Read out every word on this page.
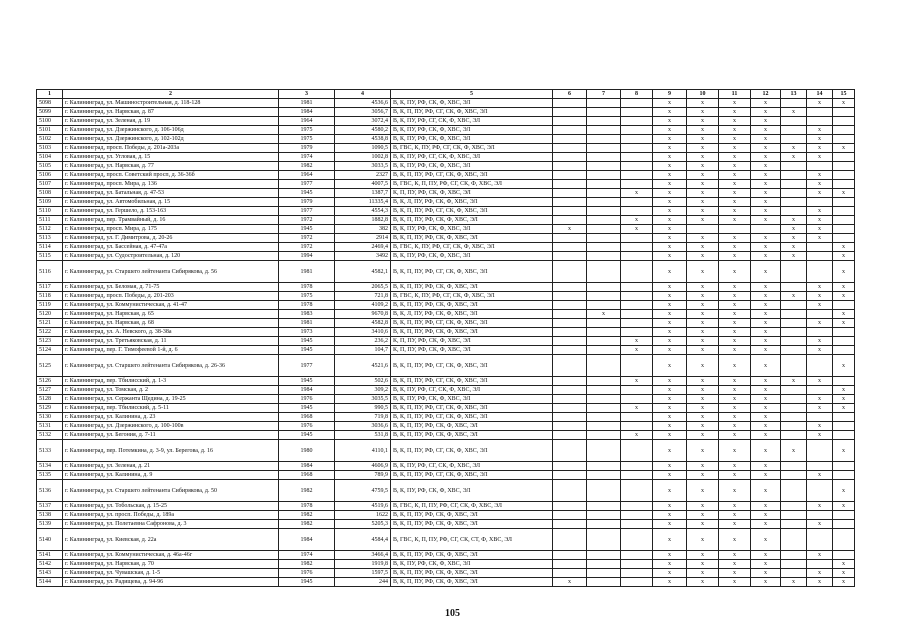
1	2	3	4	5	6	7	8	9	10	11	12	13	14	15
5098	г. Калининград, ул. Машиностроительная, д. 118-128	1981	4536,6	В, К, ПУ, РФ, СК, Ф, ХВС, ЭЛ				x	x	x	x		x	x
5099	г. Калининград, ул. Нарвская, д. 87	1984	3056,7	В, К, П, ПУ, РФ, СГ, СК, Ф, ХВС, ЭЛ				x	x	x	x	x		
5100	г. Калининград, ул. Зеленая, д. 19	1964	3072,4	В, К, ПУ, РФ, СГ, СК, Ф, ХВС, ЭЛ				x	x	x	x			
5101	г. Калининград, ул. Дзержинского, д. 106-106д	1975	4580,2	В, К, ПУ, РФ, СК, Ф, ХВС, ЭЛ				x	x	x	x		x	
5102	г. Калининград, ул. Дзержинского, д. 102-102д	1975	4538,8	В, К, ПУ, РФ, СК, Ф, ХВС, ЭЛ				x	x	x	x		x	
5103	г. Калининград, просп. Победы, д. 201а-203а	1979	1090,5	В, ГВС, К, ПУ, РФ, СГ, СК, Ф, ХВС, ЭЛ				x	x	x	x	x	x	x
5104	г. Калининград, ул. Угловая, д. 15	1974	1002,8	В, К, ПУ, РФ, СГ, СК, Ф, ХВС, ЭЛ				x	x	x	x	x	x	
5105	г. Калининград, ул. Нарвская, д. 77	1982	3033,5	В, К, ПУ, РФ, СК, Ф, ХВС, ЭЛ				x	x	x	x			
5106	г. Калининград, просп. Советский просп, д. 36-36б	1964	2327	В, К, П, ПУ, РФ, СГ, СК, Ф, ХВС, ЭЛ				x	x	x	x		x	
5107	г. Калининград, просп. Мира, д. 136	1977	4007,5	В, ГВС, К, П, ПУ, РФ, СГ, СК, Ф, ХВС, ЭЛ				x	x	x	x		x	
5108	г. Калининград, ул. Батальная, д. 47-53	1945	1387,7	К, П, ПУ, РФ, СК, Ф, ХВС, ЭЛ			x	x	x	x	x		x	x
5109	г. Калининград, ул. Автомобильная, д. 15	1979	11335,4	В, К, Л, ПУ, РФ, СК, Ф, ХВС, ЭЛ				x	x	x	x			
5110	г. Калининград, ул. Гершело, д. 153-163	1977	4554,3	В, К, П, ПУ, РФ, СГ, СК, Ф, ХВС, ЭЛ				x	x	x	x		x	
5111	г. Калининград, пер. Трамвайный, д. 16	1972	1882,8	В, К, П, ПУ, РФ, СК, Ф, ХВС, ЭЛ			x	x	x	x	x	x	x	
5112	г. Калининград, просп. Мира, д. 175	1945	382	В, К, ПУ, РФ, СК, Ф, ХВС, ЭЛ	x		x	x				x	x	
5113	г. Калининград, ул. Г. Димитрова, д. 20-26	1972	2914	В, К, П, ПУ, РФ, СК, Ф, ХВС, ЭЛ				x	x	x	x	x	x	
5114	г. Калининград, ул. Бассейная, д. 47-47а	1972	2469,4	В, ГВС, К, ПУ, РФ, СГ, СК, Ф, ХВС, ЭЛ				x	x	x	x	x		x
5115	г. Калининград, ул. Судостроительная, д. 120	1994	3492	В, К, ПУ, РФ, СК, Ф, ХВС, ЭЛ				x	x	x	x	x		x
5116	г. Калининград, ул. Старшего лейтенанта Сибирякова, д. 56	1981	4582,1	В, К, П, ПУ, РФ, СГ, СК, Ф, ХВС, ЭЛ				x	x	x	x			x
5117	г. Калининград, ул. Беломая, д. 71-75	1978	2065,5	В, К, П, ПУ, РФ, СК, Ф, ХВС, ЭЛ				x	x	x	x		x	x
5118	г. Калининград, просп. Победы, д. 201-203	1975	721,8	В, ГВС, К, ПУ, РФ, СГ, СК, Ф, ХВС, ЭЛ				x	x	x	x	x	x	x
5119	г. Калининград, ул. Коммунистическая, д. 41-47	1978	4109,2	В, К, П, ПУ, РФ, СК, Ф, ХВС, ЭЛ				x	x	x	x		x	
5120	г. Калининград, ул. Нарвская, д. 65	1983	9670,8	В, К, Л, ПУ, РФ, СК, Ф, ХВС, ЭЛ		x		x	x	x	x			x
5121	г. Калининград, ул. Нарвская, д. 68	1981	4582,8	В, К, П, ПУ, РФ, СГ, СК, Ф, ХВС, ЭЛ				x	x	x	x		x	x
5122	г. Калининград, ул. А. Невского, д. 38-38а	1973	3410,6	В, К, П, ПУ, РФ, СК, Ф, ХВС, ЭЛ				x	x	x	x			
5123	г. Калининград, ул. Третьяковская, д. 11	1945	236,2	К, П, ПУ, РФ, СК, Ф, ХВС, ЭЛ			x	x	x	x	x		x	
5124	г. Калининград, пер. Г. Тимофеевой 1-й, д. 6	1945	104,7	К, П, ПУ, РФ, СК, Ф, ХВС, ЭЛ			x	x	x	x	x		x	
5125	г. Калининград, ул. Старшего лейтенанта Сибирякова, д. 26-36	1977	4521,6	В, К, П, ПУ, РФ, СГ, СК, Ф, ХВС, ЭЛ				x	x	x	x			x
5126	г. Калининград, пер. Тбилисский, д. 1-3	1945	502,6	В, К, П, ПУ, РФ, СГ, СК, Ф, ХВС, ЭЛ			x	x	x	x	x	x	x	
5127	г. Калининград, ул. Томская, д. 2	1984	309,2	В, К, ПУ, РФ, СГ, СК, Ф, ХВС, ЭЛ				x	x	x	x			x
5128	г. Калининград, ул. Сержанта Щедина, д. 19-25	1976	3035,5	В, К, ПУ, РФ, СК, Ф, ХВС, ЭЛ				x	x	x	x		x	x
5129	г. Калининград, пер. Тбилисский, д. 5-11	1945	990,5	В, К, П, ПУ, РФ, СГ, СК, Ф, ХВС, ЭЛ			x	x	x	x	x		x	x
5130	г. Калининград, ул. Калинина, д. 23	1968	719,8	В, К, П, ПУ, РФ, СГ, СК, Ф, ХВС, ЭЛ				x	x	x	x			
5131	г. Калининград, ул. Дзержинского, д. 100-100в	1976	3036,6	В, К, П, ПУ, РФ, СК, Ф, ХВС, ЭЛ				x	x	x	x		x	
5132	г. Калининград, ул. Бегония, д. 7-11	1945	531,8	В, К, П, ПУ, РФ, СК, Ф, ХВС, ЭЛ			x	x	x	x	x		x	
5133	г. Калининград, пер. Потемкина, д. 3-9, ул. Берегова, д. 16	1980	4110,1	В, К, П, ПУ, РФ, СГ, СК, Ф, ХВС, ЭЛ				x	x	x	x	x		x
5134	г. Калининград, ул. Зеленая, д. 21	1984	4606,9	В, К, ПУ, РФ, СГ, СК, Ф, ХВС, ЭЛ				x	x	x	x			
5135	г. Калининград, ул. Калинина, д. 9	1968	789,9	В, К, П, ПУ, РФ, СГ, СК, Ф, ХВС, ЭЛ				x	x	x	x		x	
5136	г. Калининград, ул. Старшего лейтенанта Сибирякова, д. 50	1982	4759,5	В, К, ПУ, РФ, СК, Ф, ХВС, ЭЛ				x	x	x	x			x
5137	г. Калининград, ул. Тобольская, д. 15-25	1978	4519,6	В, ГВС, К, П, ПУ, РФ, СГ, СК, Ф, ХВС, ЭЛ				x	x	x	x		x	x
5138	г. Калининград, ул. просп. Победы, д. 189а	1982	1622	В, К, П, ПУ, РФ, СК, Ф, ХВС, ЭЛ				x	x	x	x			
5139	г. Калининград, ул. Полетаевна Сафронова, д. 3	1982	5205,3	В, К, П, ПУ, РФ, СК, Ф, ХВС, ЭЛ				x	x	x	x		x	
5140	г. Калининград, ул. Киевская, д. 22а	1984	4584,4	В, ГВС, К, П, ПУ, РФ, СГ, СК, СТ, Ф, ХВС, ЭЛ				x	x	x	x			
5141	г. Калининград, ул. Коммунистическая, д. 46а-46г	1974	3466,4	В, К, П, ПУ, РФ, СК, Ф, ХВС, ЭЛ				x	x	x	x		x	
5142	г. Калининград, ул. Нарвская, д. 70	1982	1919,8	В, К, ПУ, РФ, СК, Ф, ХВС, ЭЛ				x	x	x	x			x
5143	г. Калининград, ул. Чувашская, д. 1-5	1976	1597,5	В, К, П, ПУ, РФ, СК, Ф, ХВС, ЭЛ				x	x	x	x		x	x
5144	г. Калининград, ул. Радищева, д. 94-96	1945	244	В, К, П, ПУ, РФ, СК, Ф, ХВС, ЭЛ	x			x	x	x	x	x	x	x
105
